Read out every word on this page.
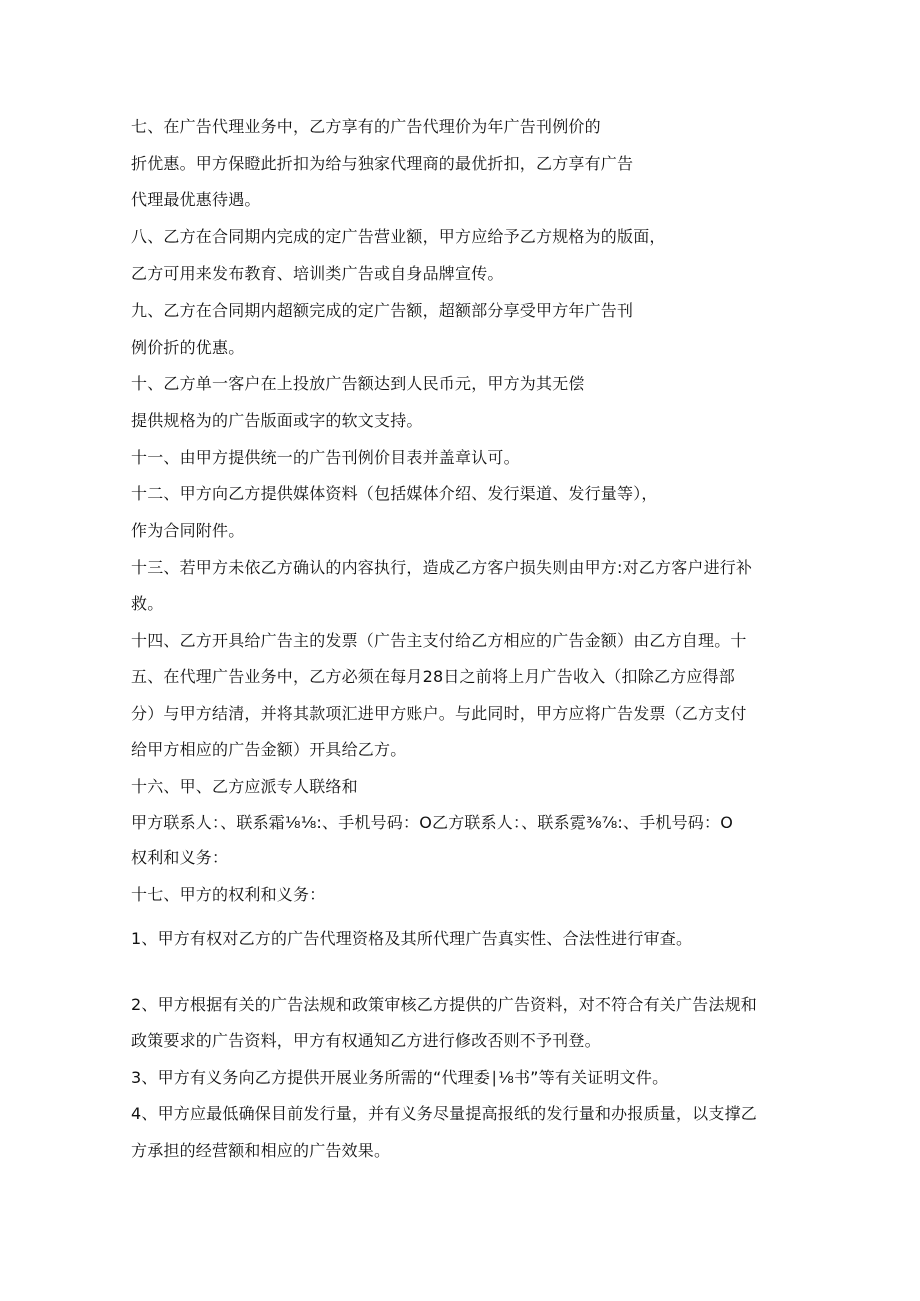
七、在广告代理业务中，乙方享有的广告代理价为年广告刊例价的
折优惠。甲方保瞪此折扣为给与独家代理商的最优折扣，乙方享有广告
代理最优惠待遇。
八、乙方在合同期内完成的定广告营业额，甲方应给予乙方规格为的版面，
乙方可用来发布教育、培训类广告或自身品牌宣传。
九、乙方在合同期内超额完成的定广告额，超额部分享受甲方年广告刊
例价折的优惠。
十、乙方单一客户在上投放广告额达到人民币元，甲方为其无偿
提供规格为的广告版面或字的软文支持。
十一、由甲方提供统一的广告刊例价目表并盖章认可。
十二、甲方向乙方提供媒体资料（包括媒体介绍、发行渠道、发行量等），
作为合同附件。
十三、若甲方未依乙方确认的内容执行，造成乙方客户损失则由甲方:对乙方客户进行补
救。
十四、乙方开具给广告主的发票（广告主支付给乙方相应的广告金额）由乙方自理。十
五、在代理广告业务中，乙方必须在每月28日之前将上月广告收入（扣除乙方应得部
分）与甲方结清，并将其款项汇进甲方账户。与此同时，甲方应将广告发票（乙方支付
给甲方相应的广告金额）开具给乙方。
十六、甲、乙方应派专人联络和
甲方联系人：、联系霜⅛⅛:、手机号码：O乙方联系人：、联系霓⅜⅞:、手机号码：O
权利和义务：
十七、甲方的权利和义务：
1、甲方有权对乙方的广告代理资格及其所代理广告真实性、合法性进行审查。
2、甲方根据有关的广告法规和政策审核乙方提供的广告资料，对不符合有关广告法规和
政策要求的广告资料，甲方有权通知乙方进行修改否则不予刊登。
3、甲方有义务向乙方提供开展业务所需的“代理委∣⅛书”等有关证明文件。
4、甲方应最低确保目前发行量，并有义务尽量提高报纸的发行量和办报质量，以支撑乙
方承担的经营额和相应的广告效果。
